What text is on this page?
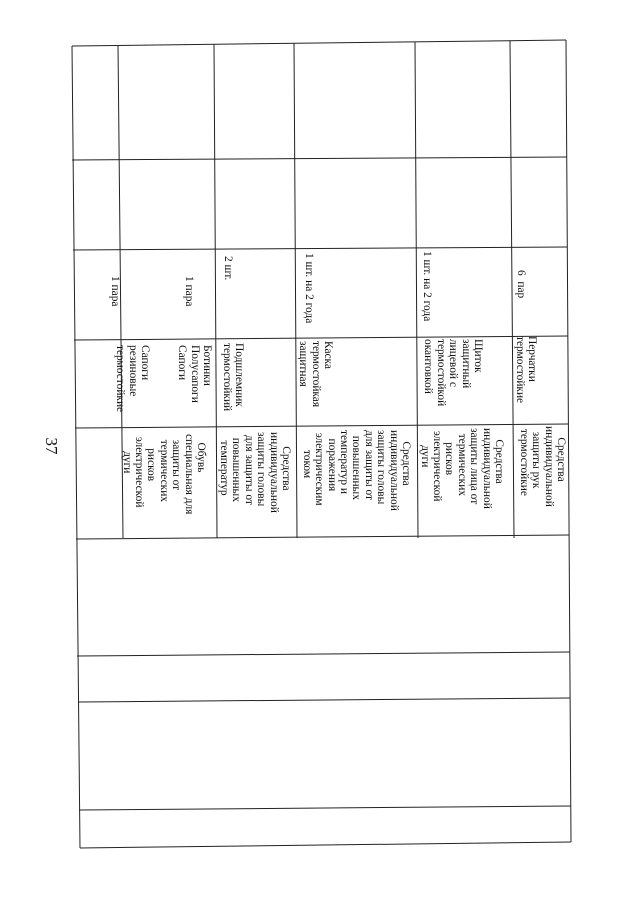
37	Обувь
специальная для
защиты от
термических
рисков
электрической
дуги
Ботинки
Полусапоги
Сапоги

Сапоги
резиновые
термостойкие
1 пара

1 пара
Средства
индивидуальной
защиты головы
для защиты от
повышенных
температур
Подшлемник
термостойкий
2 шт.
Средства
индивидуальной
защиты головы
для защиты от
повышенных
температур и
поражения
электрическим
током
Каска
термостойкая
защитная
1 шт. на 2 года
Средства
индивидуальной
защиты лица от
термических
рисков
электрической
дуги
Щиток
защитный
лицевой с
термостойкой
окантовкой
1 шт. на 2 года
Средства
индивидуальной
защиты рук
термостойкие
Перчатки
термостойкие
6  пар
